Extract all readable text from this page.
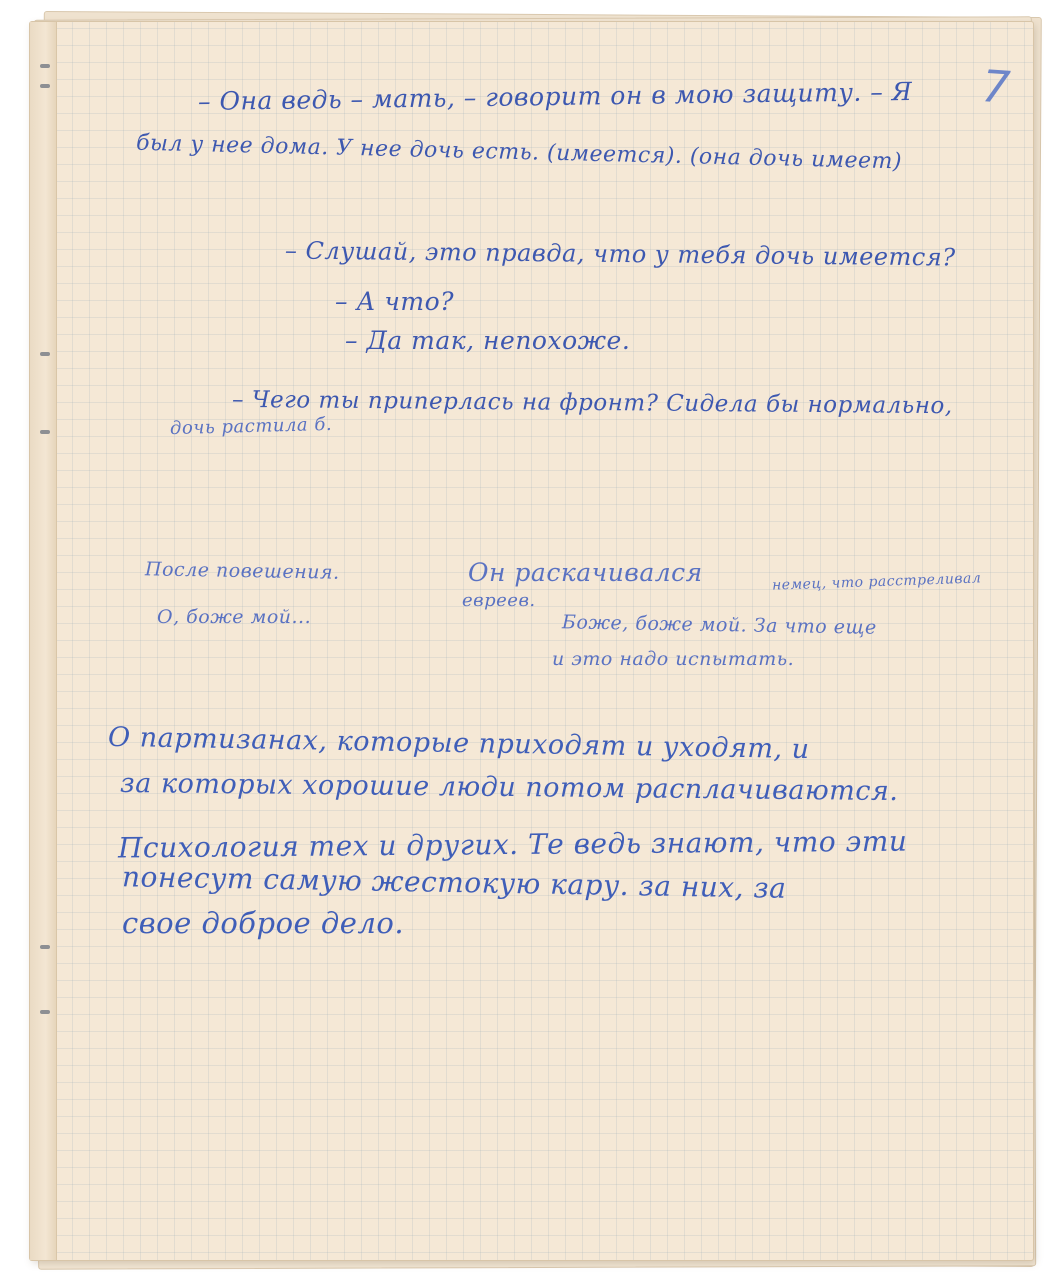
7

– Она ведь – мать, – говорит он в мою защиту. – Я

был у нее дома. У нее дочь есть. (имеется). (она дочь имеет)

– Слушай, это правда, что у тебя дочь имеется?

– А что?

– Да так, непохоже.

– Чего ты приперлась на фронт? Сидела бы нормально,

дочь растила б.

После повешения.

О, боже мой...

Он раскачивался	немец, что расстреливал

евреев.

Боже, боже мой. За что еще

и это надо испытать.

О партизанах, которые приходят и уходят, и

за которых хорошие люди потом расплачиваются.

Психология тех и других. Те ведь знают, что эти

понесут самую жестокую кару. за них, за

свое доброе дело.
